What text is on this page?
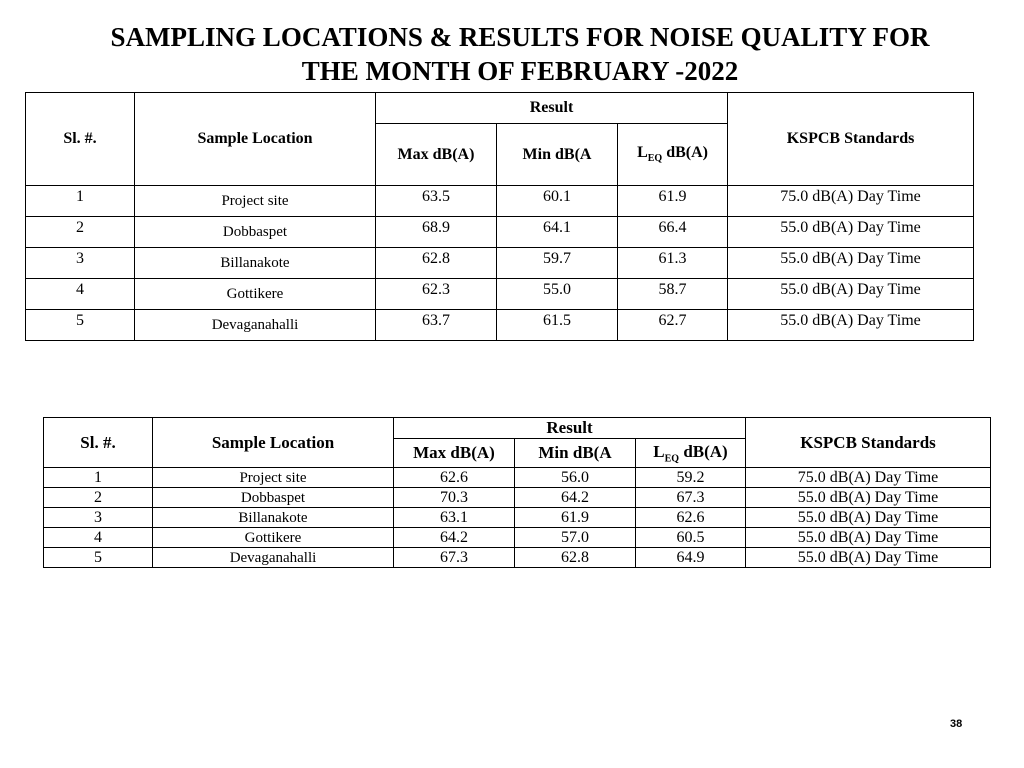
SAMPLING LOCATIONS & RESULTS FOR NOISE QUALITY FOR
THE MONTH OF FEBRUARY -2022
Sl. #.	Sample Location	Result			KSPCB Standards
		Max dB(A)	Min dB(A	$L_{EQ}$ dB(A)	
1	Project site	63.5	60.1	61.9	75.0 dB(A) Day Time
2	Dobbaspet	68.9	64.1	66.4	55.0 dB(A) Day Time
3	Billanakote	62.8	59.7	61.3	55.0 dB(A) Day Time
4	Gottikere	62.3	55.0	58.7	55.0 dB(A) Day Time
5	Devaganahalli	63.7	61.5	62.7	55.0 dB(A) Day Time
Sl. #.	Sample Location	Result			KSPCB Standards
		Max dB(A)	Min dB(A	$L_{EQ}$ dB(A)	
1	Project site	62.6	56.0	59.2	75.0 dB(A) Day Time
2	Dobbaspet	70.3	64.2	67.3	55.0 dB(A) Day Time
3	Billanakote	63.1	61.9	62.6	55.0 dB(A) Day Time
4	Gottikere	64.2	57.0	60.5	55.0 dB(A) Day Time
5	Devaganahalli	67.3	62.8	64.9	55.0 dB(A) Day Time
38
